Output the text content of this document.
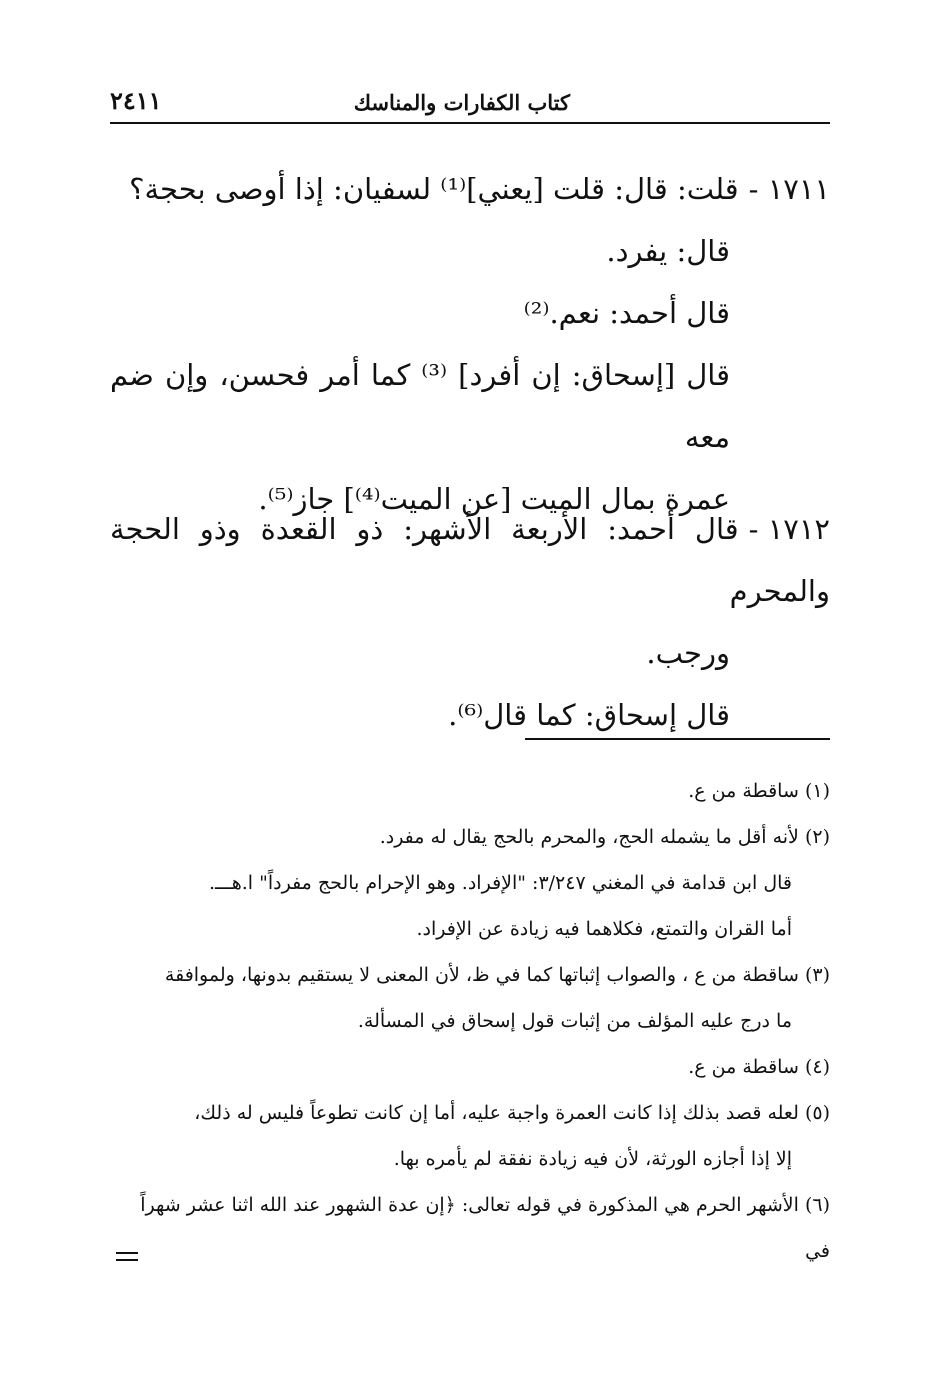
كتاب الكفارات والمناسك
٢٤١١

١٧١١ -قلت: قال: قلت [يعني]⁽¹⁾ لسفيان: إذا أوصى بحجة؟

قال: يفرد.

قال أحمد: نعم.⁽²⁾

قال [إسحاق: إن أفرد] ⁽³⁾ كما أمر فحسن، وإن ضم معه

عمرة بمال الميت [عن الميت⁽⁴⁾] جاز⁽⁵⁾.

١٧١٢ -قال أحمد: الأربعة الأشهر: ذو القعدة وذو الحجة والمحرم

ورجب.

قال إسحاق: كما قال⁽⁶⁾.

(١) ساقطة من ع.

(٢) لأنه أقل ما يشمله الحج، والمحرم بالحج يقال له مفرد.
قال ابن قدامة في المغني ٣/٢٤٧: "الإفراد. وهو الإحرام بالحج مفرداً" ا.هـــ.
أما القران والتمتع، فكلاهما فيه زيادة عن الإفراد.

(٣) ساقطة من ع ، والصواب إثباتها كما في ظ، لأن المعنى لا يستقيم بدونها، ولموافقة
ما درج عليه المؤلف من إثبات قول إسحاق في المسألة.

(٤) ساقطة من ع.

(٥) لعله قصد بذلك إذا كانت العمرة واجبة عليه، أما إن كانت تطوعاً فليس له ذلك،
إلا إذا أجازه الورثة، لأن فيه زيادة نفقة لم يأمره بها.

(٦) الأشهر الحرم هي المذكورة في قوله تعالى: ﴿إن عدة الشهور عند الله اثنا عشر شهراً في
